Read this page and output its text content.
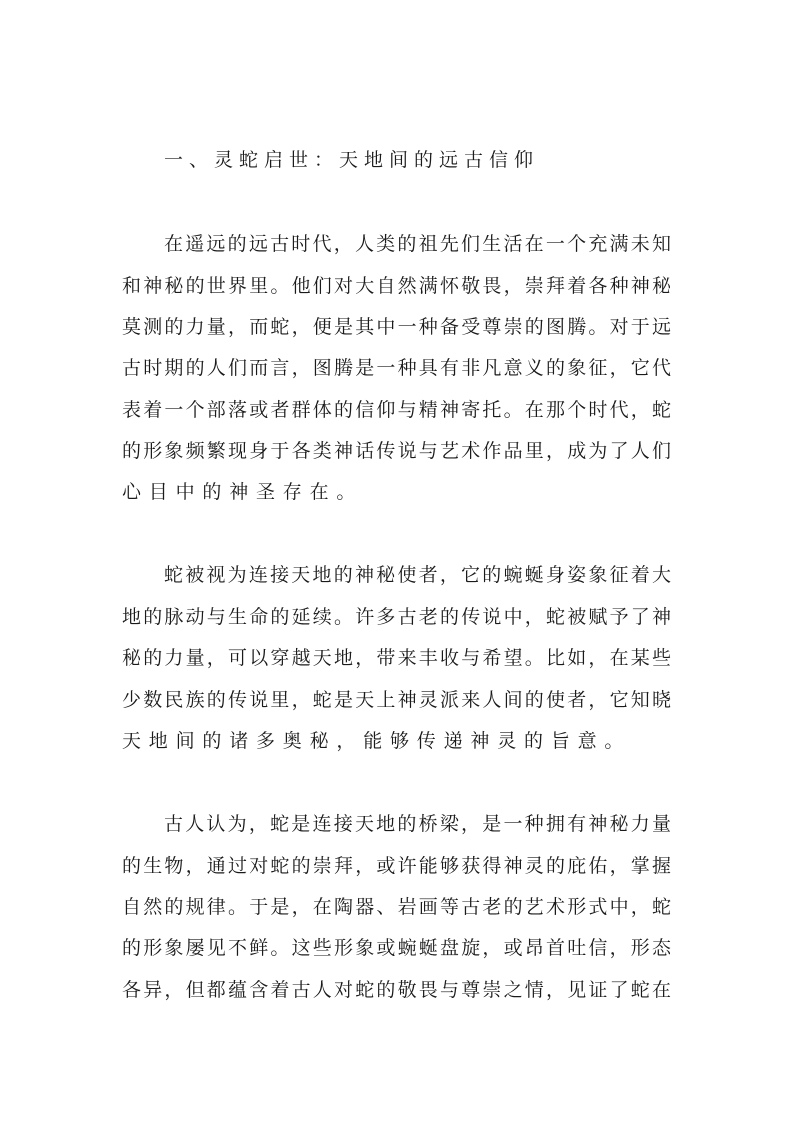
一、灵蛇启世：天地间的远古信仰
在遥远的远古时代，人类的祖先们生活在一个充满未知
和神秘的世界里。他们对大自然满怀敬畏，崇拜着各种神秘
莫测的力量，而蛇，便是其中一种备受尊崇的图腾。对于远
古时期的人们而言，图腾是一种具有非凡意义的象征，它代
表着一个部落或者群体的信仰与精神寄托。在那个时代，蛇
的形象频繁现身于各类神话传说与艺术作品里，成为了人们
心目中的神圣存在。
蛇被视为连接天地的神秘使者，它的蜿蜒身姿象征着大
地的脉动与生命的延续。许多古老的传说中，蛇被赋予了神
秘的力量，可以穿越天地，带来丰收与希望。比如，在某些
少数民族的传说里，蛇是天上神灵派来人间的使者，它知晓
天地间的诸多奥秘，能够传递神灵的旨意。
古人认为，蛇是连接天地的桥梁，是一种拥有神秘力量
的生物，通过对蛇的崇拜，或许能够获得神灵的庇佑，掌握
自然的规律。于是，在陶器、岩画等古老的艺术形式中，蛇
的形象屡见不鲜。这些形象或蜿蜒盘旋，或昂首吐信，形态
各异，但都蕴含着古人对蛇的敬畏与尊崇之情，见证了蛇在
